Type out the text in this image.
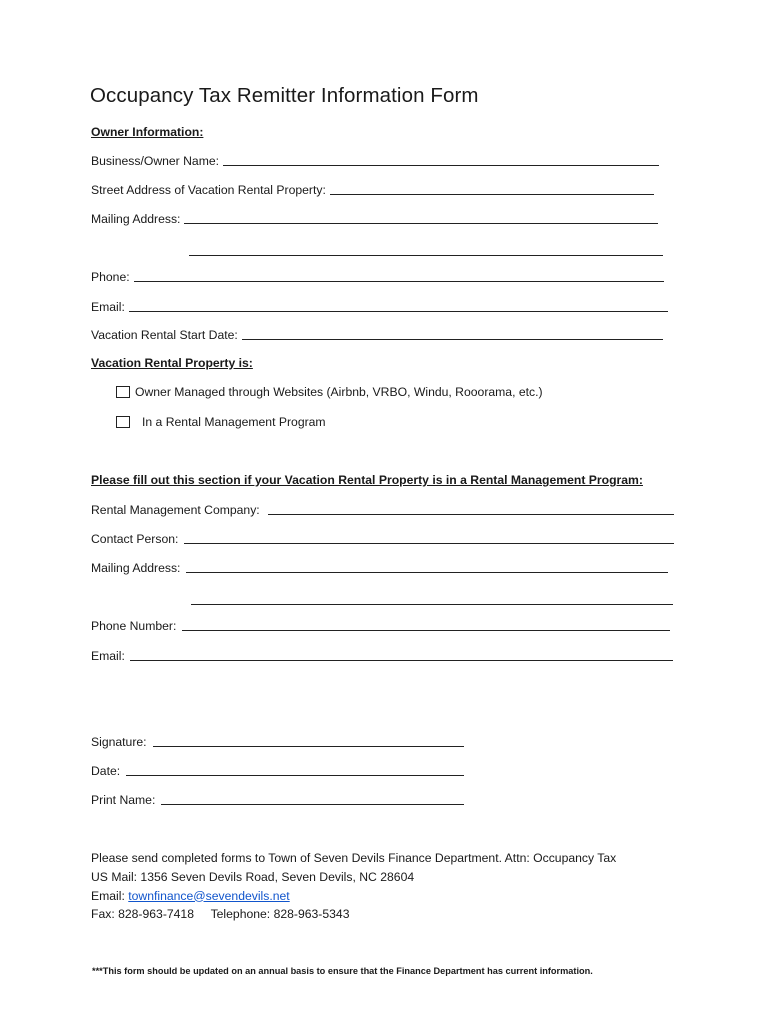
Occupancy Tax Remitter Information Form
Owner Information:
Business/Owner Name:
Street Address of Vacation Rental Property:
Mailing Address:
Phone:
Email:
Vacation Rental Start Date:
Vacation Rental Property is:
Owner Managed through Websites (Airbnb, VRBO, Windu, Rooorama, etc.)
In a Rental Management Program
Please fill out this section if your Vacation Rental Property is in a Rental Management Program:
Rental Management Company:
Contact Person:
Mailing Address:
Phone Number:
Email:
Signature:
Date:
Print Name:
Please send completed forms to Town of Seven Devils Finance Department. Attn: Occupancy Tax
US Mail: 1356 Seven Devils Road, Seven Devils, NC 28604
Email: townfinance@sevendevils.net
Fax: 828-963-7418 Telephone: 828-963-5343
***This form should be updated on an annual basis to ensure that the Finance Department has current information.
